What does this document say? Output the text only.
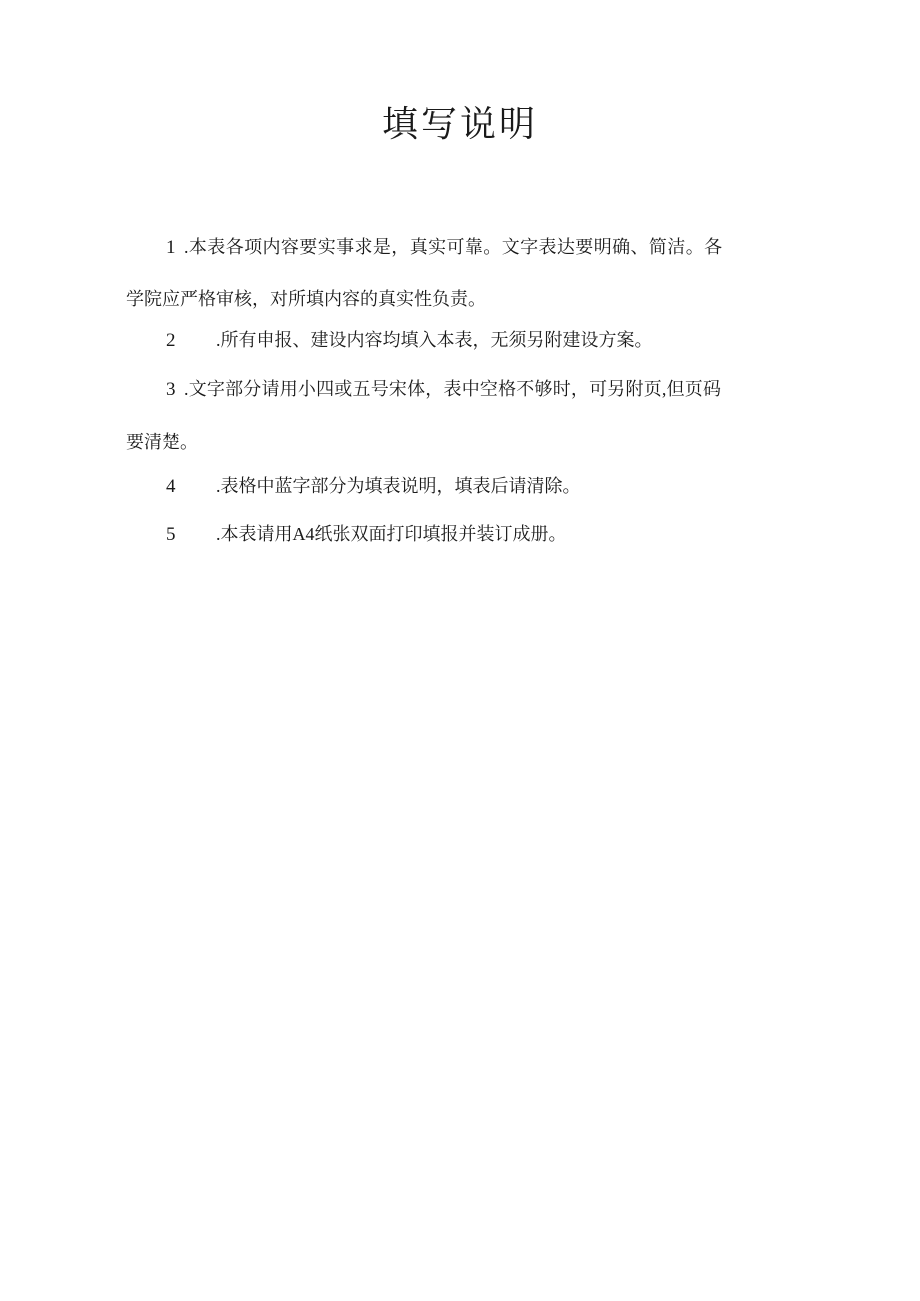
填写说明
1 .本表各项内容要实事求是，真实可靠。文字表达要明确、简洁。各
学院应严格审核，对所填内容的真实性负责。
2 .所有申报、建设内容均填入本表，无须另附建设方案。
3 .文字部分请用小四或五号宋体，表中空格不够时，可另附页,但页码
要清楚。
4 .表格中蓝字部分为填表说明，填表后请清除。
5 .本表请用A4纸张双面打印填报并装订成册。
